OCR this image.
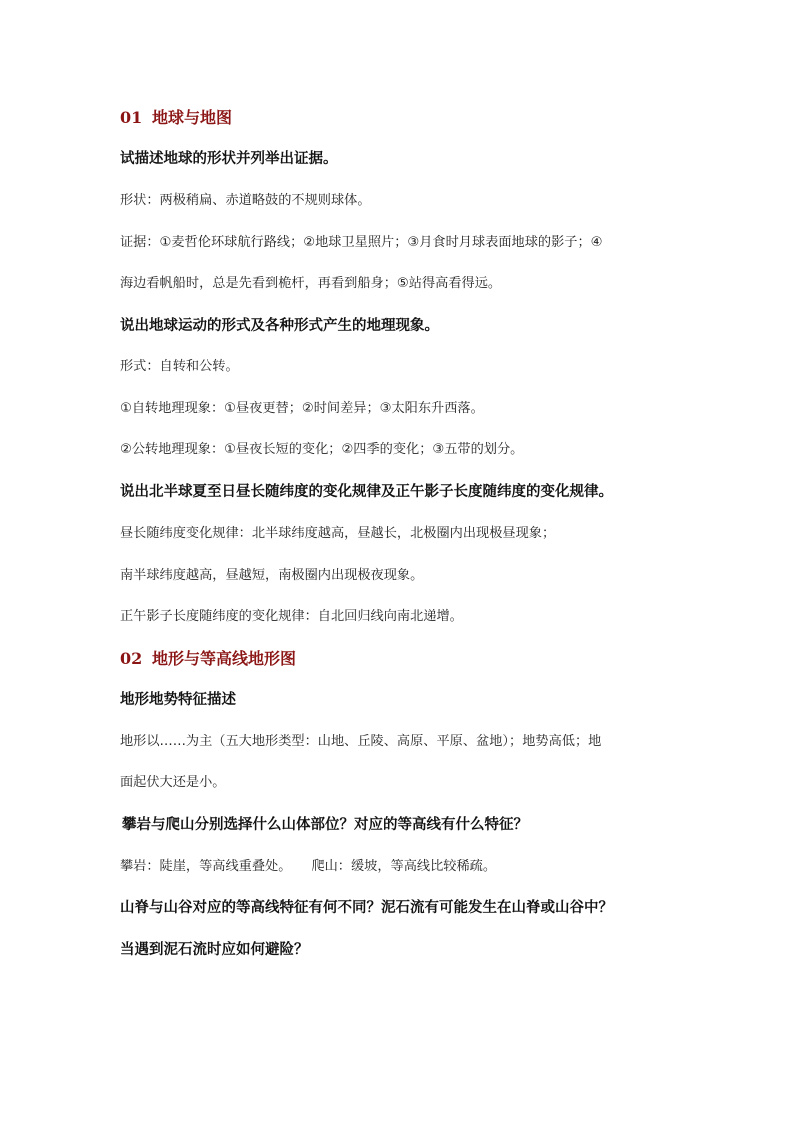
01 地球与地图
试描述地球的形状并列举出证据。
形状：两极稍扁、赤道略鼓的不规则球体。
证据：①麦哲伦环球航行路线；②地球卫星照片；③月食时月球表面地球的影子；④
海边看帆船时，总是先看到桅杆，再看到船身；⑤站得高看得远。
说出地球运动的形式及各种形式产生的地理现象。
形式：自转和公转。
①自转地理现象：①昼夜更替；②时间差异；③太阳东升西落。
②公转地理现象：①昼夜长短的变化；②四季的变化；③五带的划分。
说出北半球夏至日昼长随纬度的变化规律及正午影子长度随纬度的变化规律。
昼长随纬度变化规律：北半球纬度越高，昼越长，北极圈内出现极昼现象；
南半球纬度越高，昼越短，南极圈内出现极夜现象。
正午影子长度随纬度的变化规律：自北回归线向南北递增。
02 地形与等高线地形图
地形地势特征描述
地形以……为主（五大地形类型：山地、丘陵、高原、平原、盆地）；地势高低；地
面起伏大还是小。
攀岩与爬山分别选择什么山体部位？对应的等高线有什么特征？
攀岩：陡崖，等高线重叠处。 爬山：缓坡，等高线比较稀疏。
山脊与山谷对应的等高线特征有何不同？泥石流有可能发生在山脊或山谷中？
当遇到泥石流时应如何避险？
